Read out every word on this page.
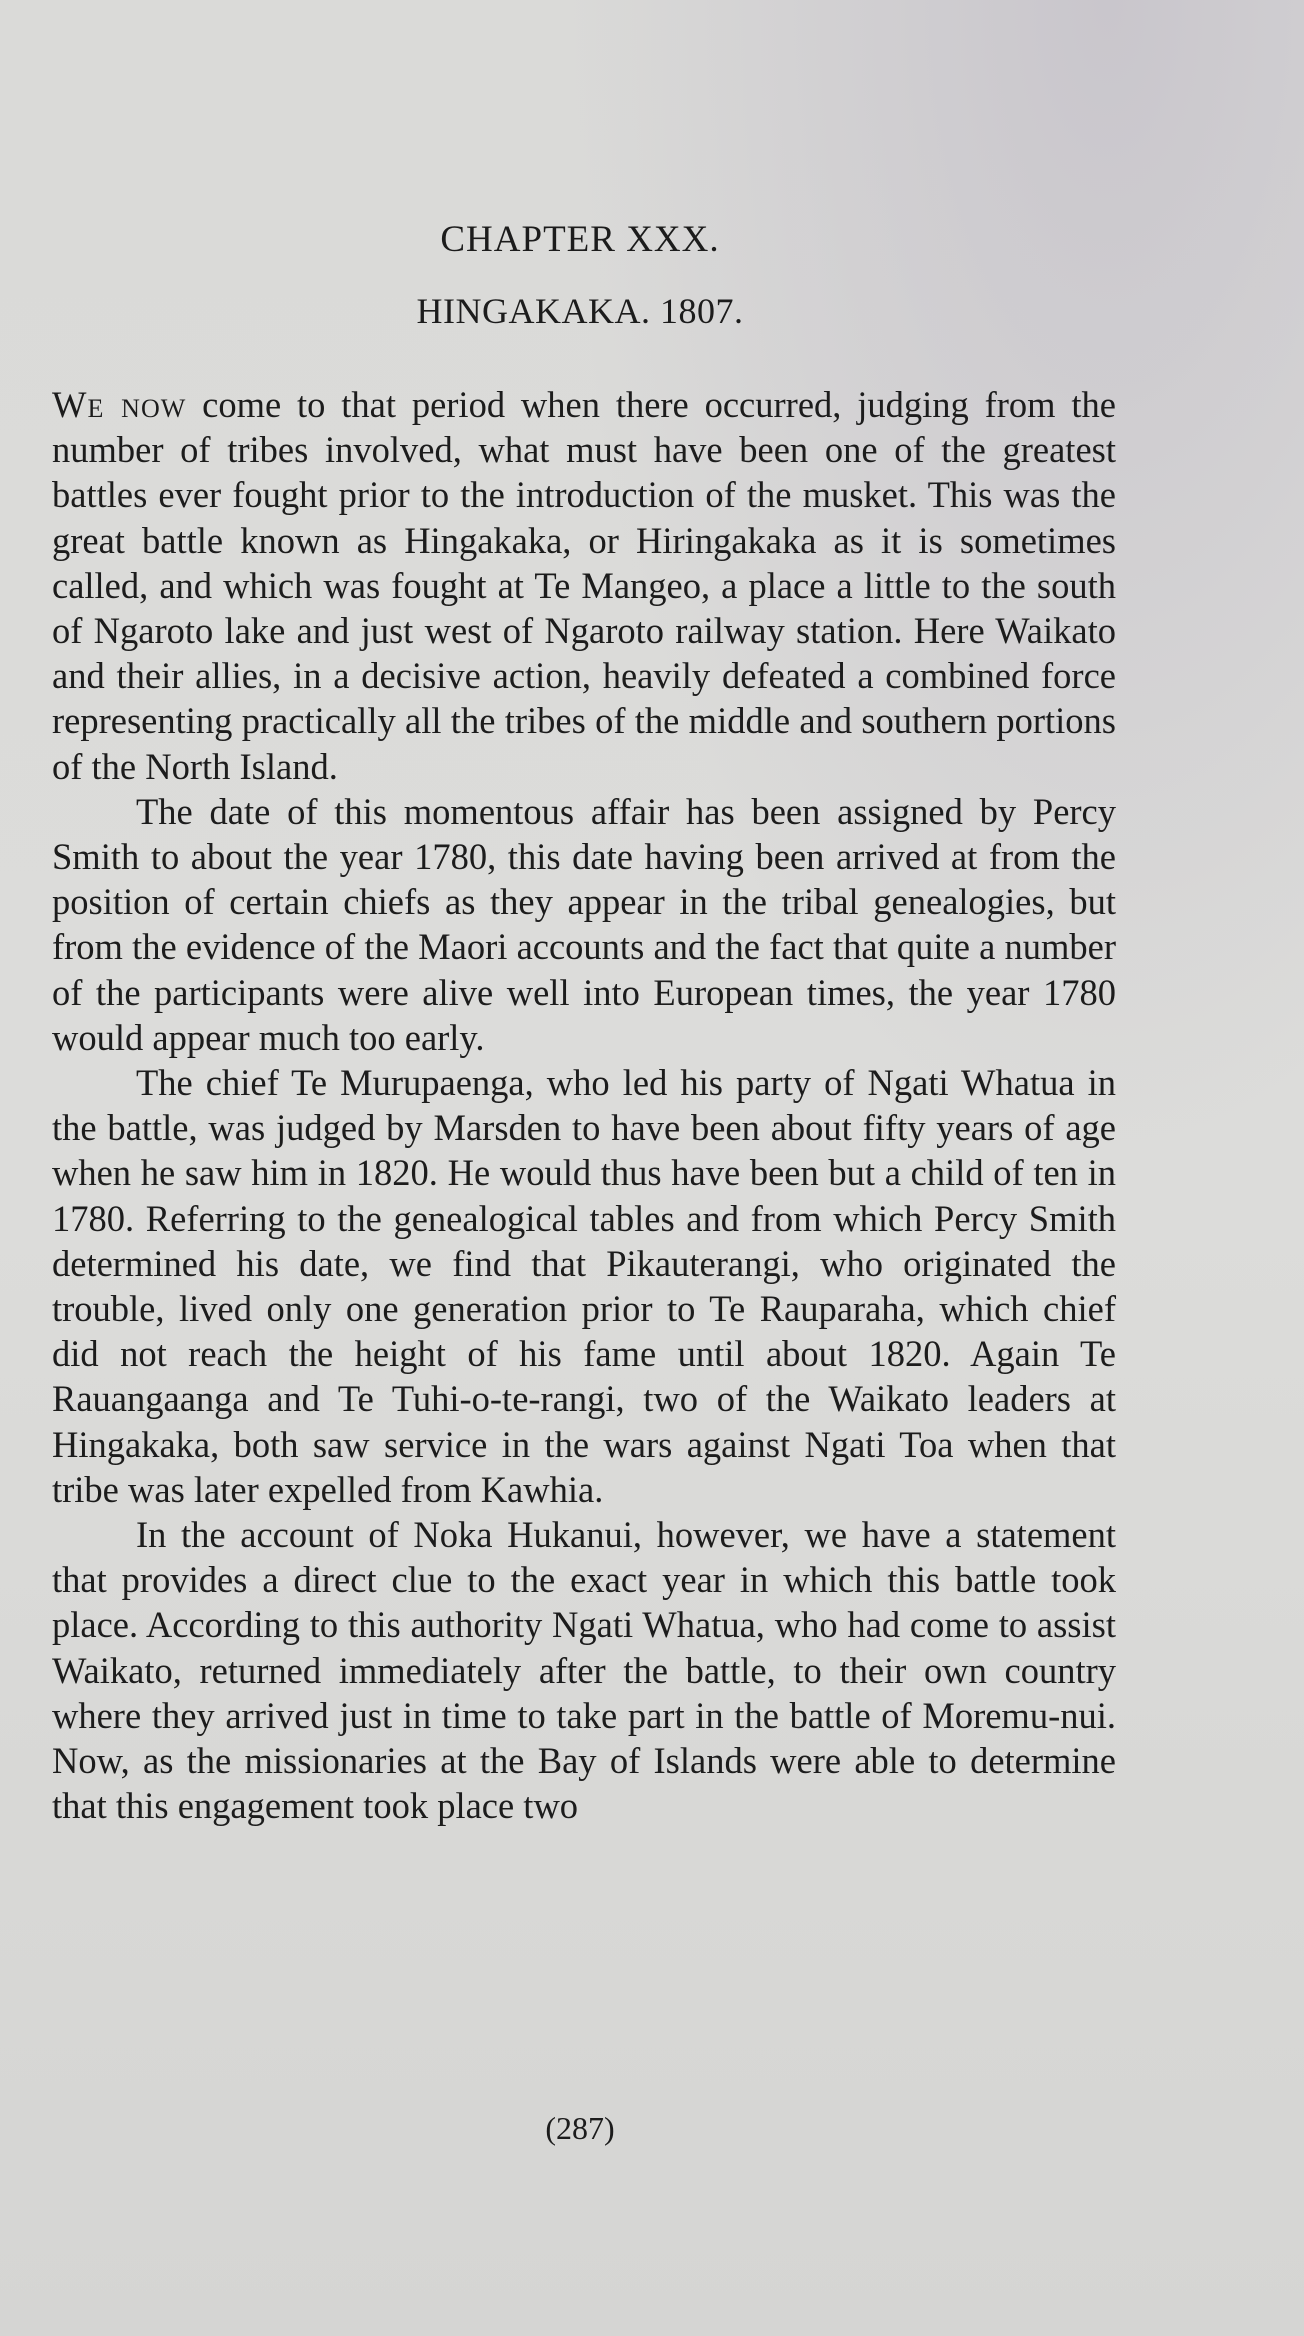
CHAPTER XXX.
HINGAKAKA. 1807.

We now come to that period when there occurred, judging from the number of tribes involved, what must have been one of the greatest battles ever fought prior to the introduction of the musket. This was the great battle known as Hingakaka, or Hiringakaka as it is sometimes called, and which was fought at Te Mangeo, a place a little to the south of Ngaroto lake and just west of Ngaroto railway station. Here Waikato and their allies, in a decisive action, heavily defeated a combined force representing practically all the tribes of the middle and southern portions of the North Island.

The date of this momentous affair has been assigned by Percy Smith to about the year 1780, this date having been arrived at from the position of certain chiefs as they appear in the tribal genealogies, but from the evidence of the Maori accounts and the fact that quite a number of the participants were alive well into European times, the year 1780 would appear much too early.

The chief Te Murupaenga, who led his party of Ngati Whatua in the battle, was judged by Marsden to have been about fifty years of age when he saw him in 1820. He would thus have been but a child of ten in 1780. Referring to the genealogical tables and from which Percy Smith determined his date, we find that Pikauterangi, who originated the trouble, lived only one generation prior to Te Rauparaha, which chief did not reach the height of his fame until about 1820. Again Te Rauangaanga and Te Tuhi-o-te-rangi, two of the Waikato leaders at Hingakaka, both saw service in the wars against Ngati Toa when that tribe was later expelled from Kawhia.

In the account of Noka Hukanui, however, we have a statement that provides a direct clue to the exact year in which this battle took place. According to this authority Ngati Whatua, who had come to assist Waikato, returned immediately after the battle, to their own country where they arrived just in time to take part in the battle of Moremu-nui. Now, as the missionaries at the Bay of Islands were able to determine that this engagement took place two

(287)
